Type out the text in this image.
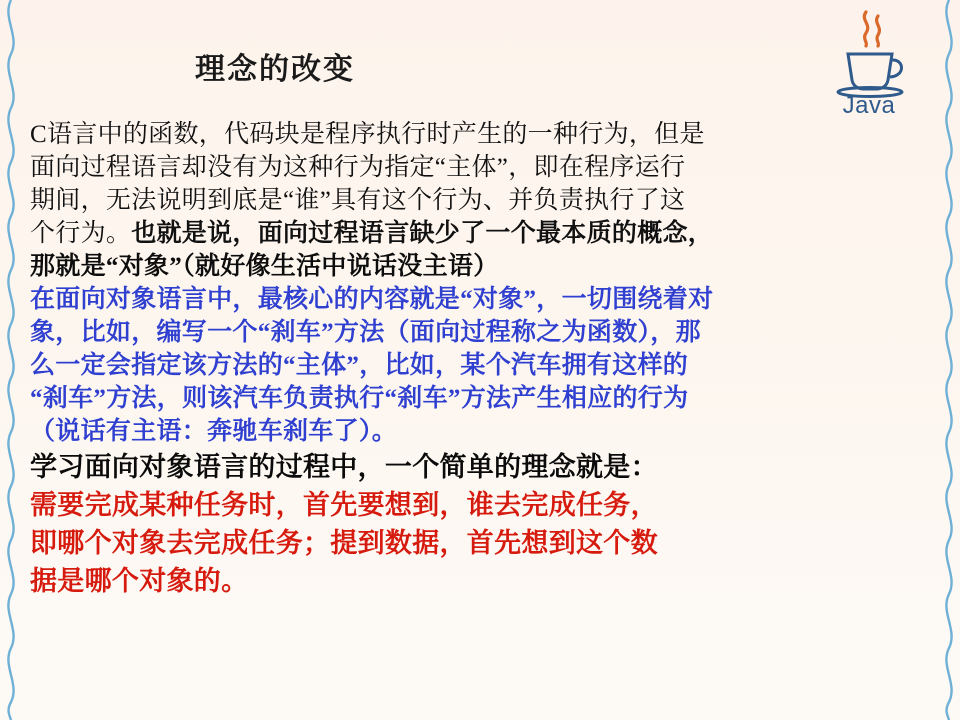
Java
理念的改变
C语言中的函数，代码块是程序执行时产生的一种行为，但是
面向过程语言却没有为这种行为指定“主体”，即在程序运行
期间，无法说明到底是“谁”具有这个行为、并负责执行了这
个行为。也就是说，面向过程语言缺少了一个最本质的概念，
那就是“对象”（就好像生活中说话没主语）
在面向对象语言中，最核心的内容就是“对象”，一切围绕着对
象，比如，编写一个“刹车”方法（面向过程称之为函数），那
么一定会指定该方法的“主体”，比如，某个汽车拥有这样的
“刹车”方法，则该汽车负责执行“刹车”方法产生相应的行为
（说话有主语：奔驰车刹车了）。
学习面向对象语言的过程中，一个简单的理念就是：
需要完成某种任务时，首先要想到，谁去完成任务，
即哪个对象去完成任务；提到数据，首先想到这个数
据是哪个对象的。
